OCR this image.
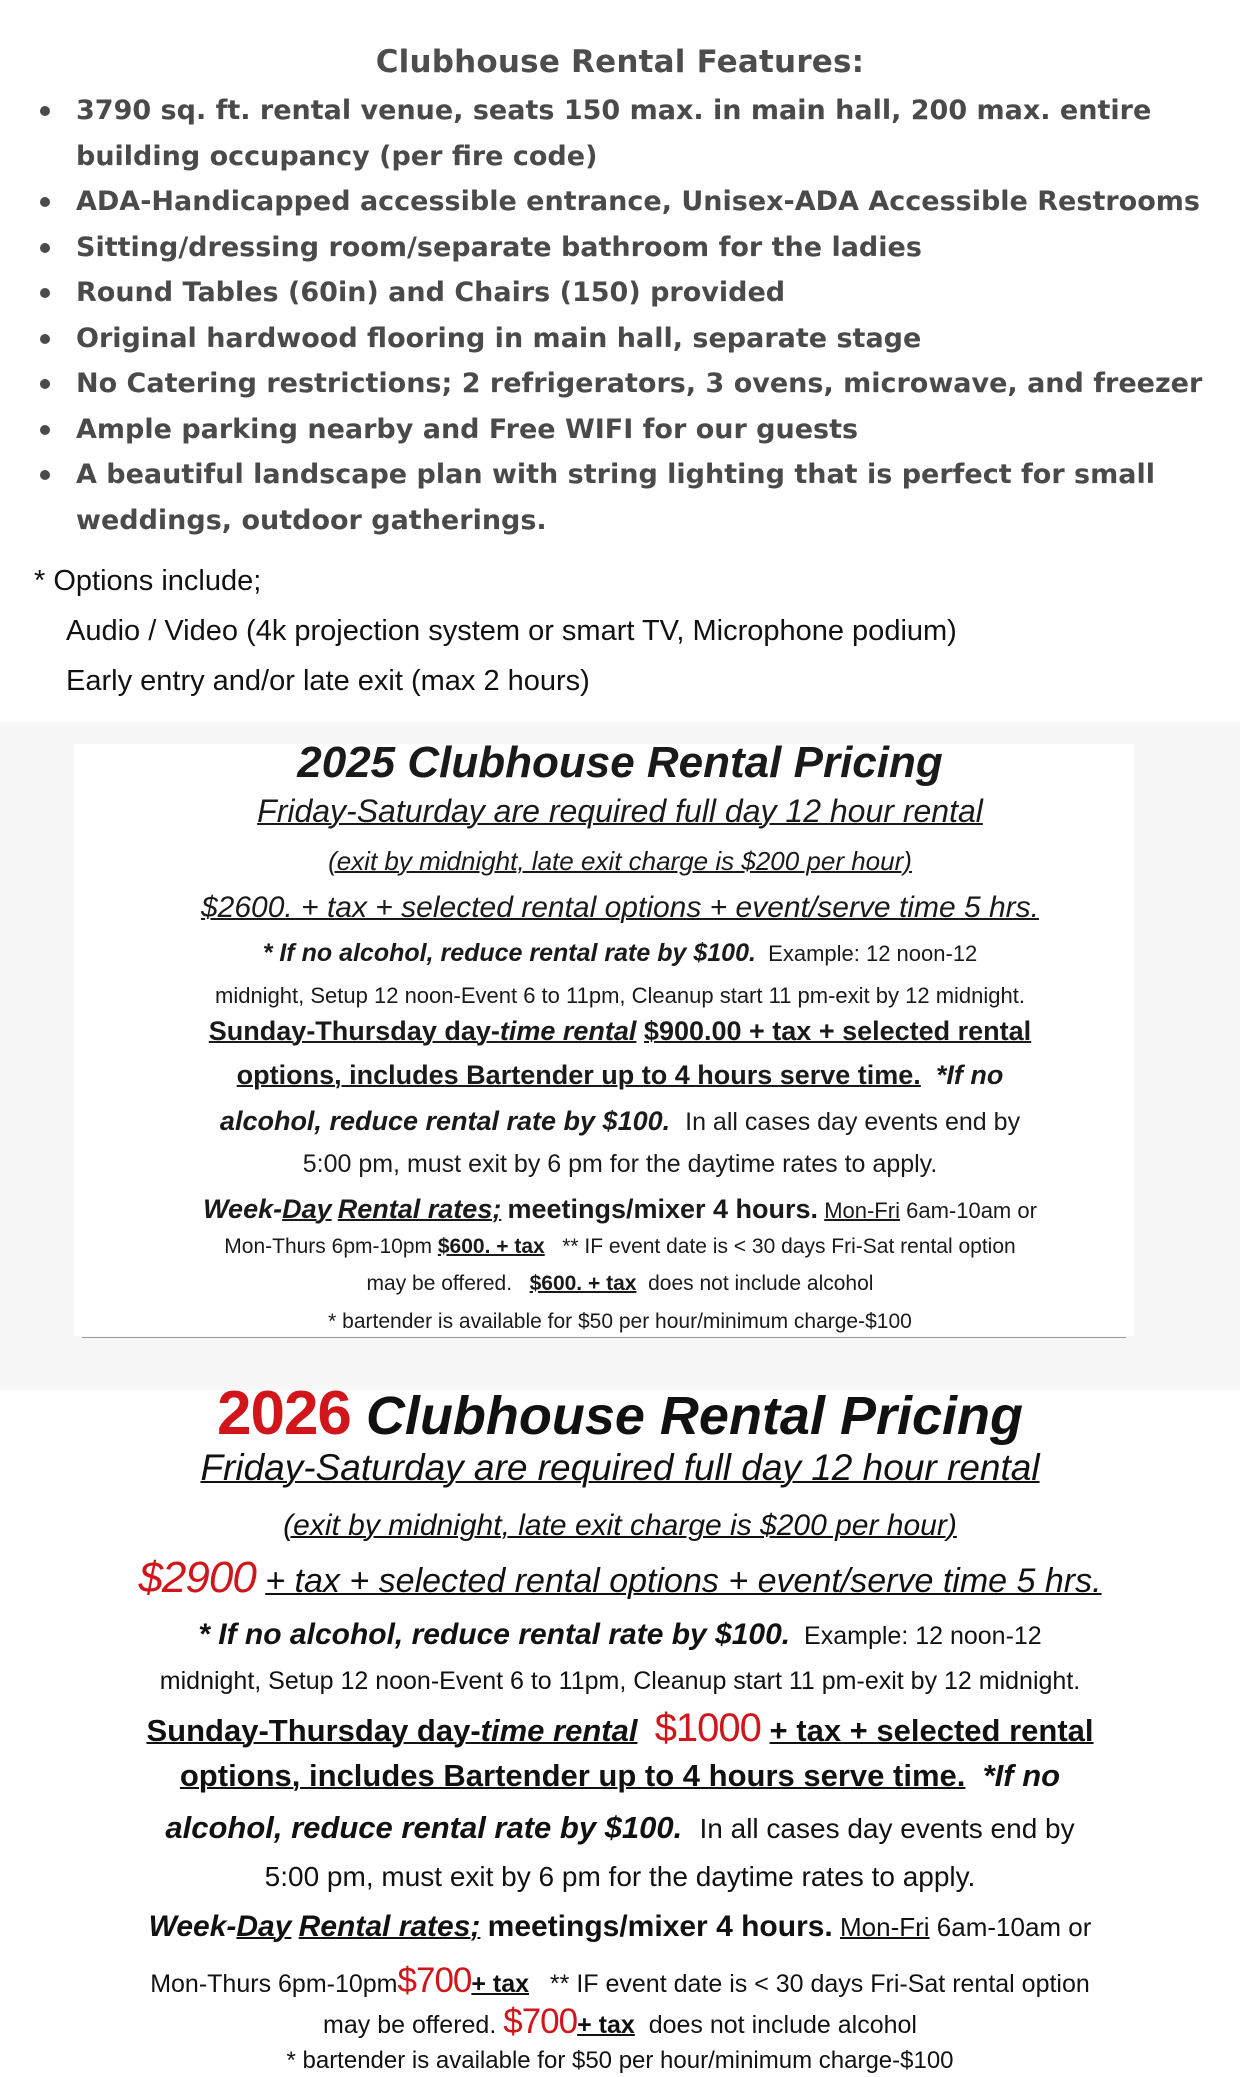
Clubhouse Rental Features:
3790 sq. ft. rental venue, seats 150 max. in main hall, 200 max. entire building occupancy (per fire code)
ADA-Handicapped accessible entrance, Unisex-ADA Accessible Restrooms
Sitting/dressing room/separate bathroom for the ladies
Round Tables (60in) and Chairs (150) provided
Original hardwood flooring in main hall, separate stage
No Catering restrictions; 2 refrigerators, 3 ovens, microwave, and freezer
Ample parking nearby and Free WIFI for our guests
A beautiful landscape plan with string lighting that is perfect for small weddings, outdoor gatherings.
* Options include;
Audio / Video (4k projection system or smart TV, Microphone podium)
Early entry and/or late exit (max 2 hours)
2025 Clubhouse Rental Pricing
Friday-Saturday are required full day 12 hour rental
(exit by midnight, late exit charge is $200 per hour)
$2600. + tax + selected rental options + event/serve time 5 hrs.
* If no alcohol, reduce rental rate by $100. Example: 12 noon-12
midnight, Setup 12 noon-Event 6 to 11pm, Cleanup start 11 pm-exit by 12 midnight.
Sunday-Thursday day-time rental $900.00 + tax + selected rental
options, includes Bartender up to 4 hours serve time. *If no
alcohol, reduce rental rate by $100. In all cases day events end by
5:00 pm, must exit by 6 pm for the daytime rates to apply.
Week-Day Rental rates; meetings/mixer 4 hours. Mon-Fri 6am-10am or
Mon-Thurs 6pm-10pm $600. + tax ** IF event date is < 30 days Fri-Sat rental option
may be offered. $600. + tax does not include alcohol
* bartender is available for $50 per hour/minimum charge-$100
2026 Clubhouse Rental Pricing
Friday-Saturday are required full day 12 hour rental
(exit by midnight, late exit charge is $200 per hour)
$2900 + tax + selected rental options + event/serve time 5 hrs.
* If no alcohol, reduce rental rate by $100. Example: 12 noon-12
midnight, Setup 12 noon-Event 6 to 11pm, Cleanup start 11 pm-exit by 12 midnight.
Sunday-Thursday day-time rental $1000 + tax + selected rental
options, includes Bartender up to 4 hours serve time. *If no
alcohol, reduce rental rate by $100. In all cases day events end by
5:00 pm, must exit by 6 pm for the daytime rates to apply.
Week-Day Rental rates; meetings/mixer 4 hours. Mon-Fri 6am-10am or
Mon-Thurs 6pm-10pm$700+ tax ** IF event date is < 30 days Fri-Sat rental option
may be offered. $700+ tax does not include alcohol
* bartender is available for $50 per hour/minimum charge-$100
